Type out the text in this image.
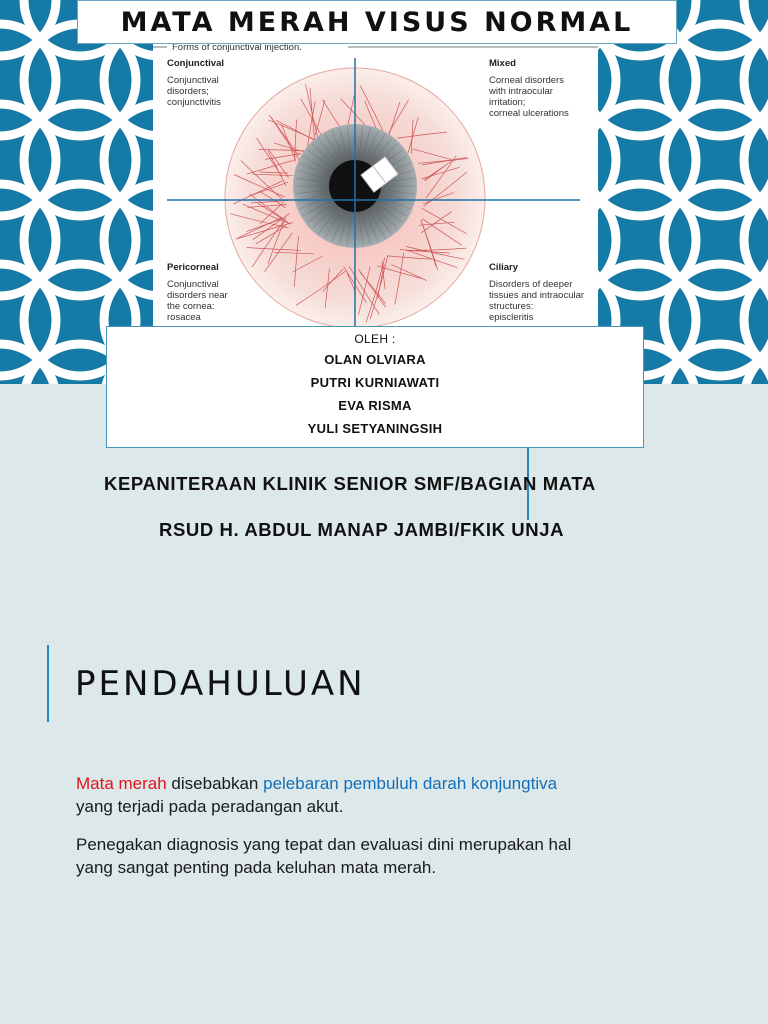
MATA MERAH VISUS NORMAL
Forms of conjunctival injection.
Conjunctival
Conjunctival
disorders;
conjunctivitis
Mixed
Corneal disorders
with intraocular
irritation;
corneal ulcerations
Pericorneal
Conjunctival
disorders near
the cornea:
rosacea
Ciliary
Disorders of deeper
tissues and intraocular
structures:
episcleritis
OLEH :
OLAN OLVIARA
PUTRI KURNIAWATI
EVA RISMA
YULI SETYANINGSIH
KEPANITERAAN KLINIK SENIOR SMF/BAGIAN MATA
RSUD H. ABDUL MANAP JAMBI/FKIK UNJA
PENDAHULUAN
Mata merah disebabkan pelebaran pembuluh darah konjungtiva
yang terjadi pada peradangan akut.
Penegakan diagnosis yang tepat dan evaluasi dini merupakan hal
yang sangat penting pada keluhan mata merah.
